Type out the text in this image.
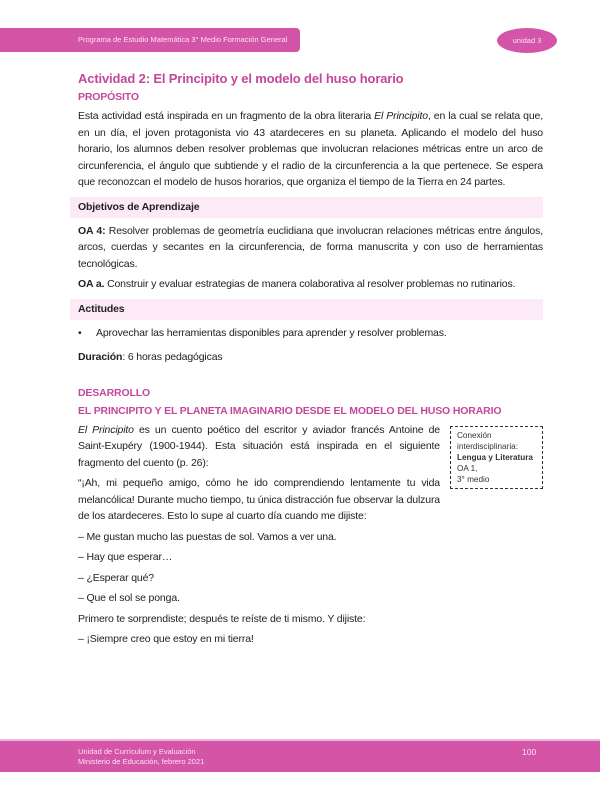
Programa de Estudio Matemática 3° Medio Formación General	unidad 3
Actividad 2: El Principito y el modelo del huso horario
PROPÓSITO

Esta actividad está inspirada en un fragmento de la obra literaria El Principito, en la cual se relata que, en un día, el joven protagonista vio 43 atardeceres en su planeta. Aplicando el modelo del huso horario, los alumnos deben resolver problemas que involucran relaciones métricas entre un arco de circunferencia, el ángulo que subtiende y el radio de la circunferencia a la que pertenece. Se espera que reconozcan el modelo de husos horarios, que organiza el tiempo de la Tierra en 24 partes.

Objetivos de Aprendizaje

OA 4: Resolver problemas de geometría euclidiana que involucran relaciones métricas entre ángulos, arcos, cuerdas y secantes en la circunferencia, de forma manuscrita y con uso de herramientas tecnológicas.

OA a. Construir y evaluar estrategias de manera colaborativa al resolver problemas no rutinarios.

Actitudes

• Aprovechar las herramientas disponibles para aprender y resolver problemas.

Duración: 6 horas pedagógicas

DESARROLLO
EL PRINCIPITO Y EL PLANETA IMAGINARIO DESDE EL MODELO DEL HUSO HORARIO
Conexión
interdisciplinaria:
Lengua y Literatura
OA 1,
3° medio

El Principito es un cuento poético del escritor y aviador francés Antoine de Saint-Exupéry (1900-1944). Esta situación está inspirada en el siguiente fragmento del cuento (p. 26):

“¡Ah, mi pequeño amigo, cómo he ido comprendiendo lentamente tu vida melancólica! Durante mucho tiempo, tu única distracción fue observar la dulzura de los atardeceres. Esto lo supe al cuarto día cuando me dijiste:

– Me gustan mucho las puestas de sol. Vamos a ver una.

– Hay que esperar…

– ¿Esperar qué?

– Que el sol se ponga.

Primero te sorprendiste; después te reíste de ti mismo. Y dijiste:

– ¡Siempre creo que estoy en mi tierra!

Unidad de Currículum y Evaluación
Ministerio de Educación, febrero 2021
100
